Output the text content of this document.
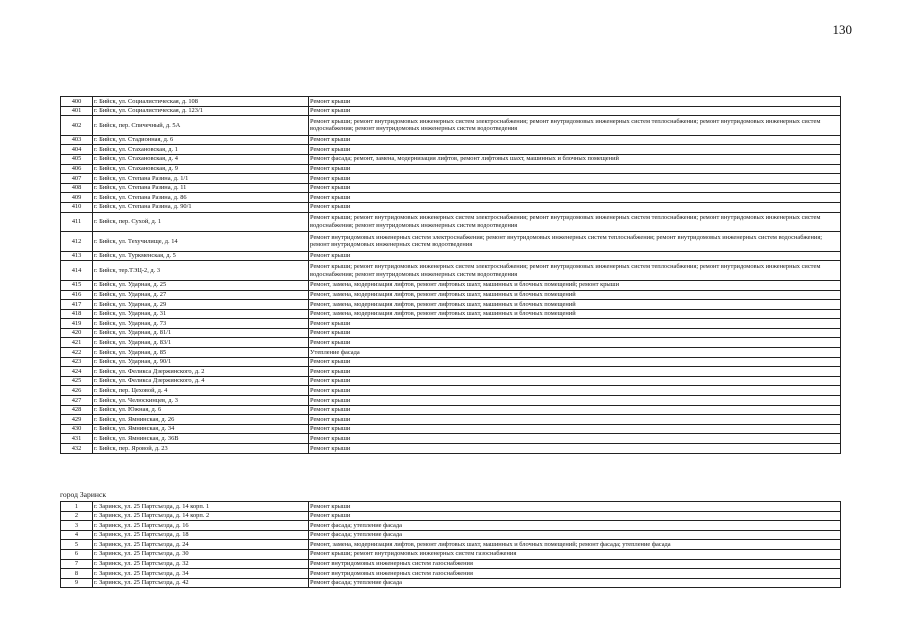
130
400	г. Бийск, ул. Социалистическая, д. 108	Ремонт крыши
401	г. Бийск, ул. Социалистическая, д. 123/1	Ремонт крыши
402	г. Бийск, пер. Спичечный, д. 5А	Ремонт крыши; ремонт внутридомовых инженерных систем электроснабжения; ремонт внутридомовых инженерных систем теплоснабжения; ремонт внутридомовых инженерных систем водоснабжения; ремонт внутридомовых инженерных систем водоотведения
403	г. Бийск, ул. Стадионная, д. 6	Ремонт крыши
404	г. Бийск, ул. Стахановская, д. 1	Ремонт крыши
405	г. Бийск, ул. Стахановская, д. 4	Ремонт фасада; ремонт, замена, модернизация лифтов, ремонт лифтовых шахт, машинных и блочных помещений
406	г. Бийск, ул. Стахановская, д. 9	Ремонт крыши
407	г. Бийск, ул. Степана Разина, д. 1/1	Ремонт крыши
408	г. Бийск, ул. Степана Разина, д. 11	Ремонт крыши
409	г. Бийск, ул. Степана Разина, д. 86	Ремонт крыши
410	г. Бийск, ул. Степана Разина, д. 90/1	Ремонт крыши
411	г. Бийск, пер. Сухой, д. 1	Ремонт крыши; ремонт внутридомовых инженерных систем электроснабжения; ремонт внутридомовых инженерных систем теплоснабжения; ремонт внутридомовых инженерных систем водоснабжения; ремонт внутридомовых инженерных систем водоотведения
412	г. Бийск, ул. Техучилище, д. 14	Ремонт внутридомовых инженерных систем электроснабжения; ремонт внутридомовых инженерных систем теплоснабжения; ремонт внутридомовых инженерных систем водоснабжения; ремонт внутридомовых инженерных систем водоотведения
413	г. Бийск, ул. Туркменская, д. 5	Ремонт крыши
414	г. Бийск, тер.ТЭЦ-2, д. 3	Ремонт крыши; ремонт внутридомовых инженерных систем электроснабжения; ремонт внутридомовых инженерных систем теплоснабжения; ремонт внутридомовых инженерных систем водоснабжения; ремонт внутридомовых инженерных систем водоотведения
415	г. Бийск, ул. Ударная, д. 25	Ремонт, замена, модернизация лифтов, ремонт лифтовых шахт, машинных и блочных помещений; ремонт крыши
416	г. Бийск, ул. Ударная, д. 27	Ремонт, замена, модернизация лифтов, ремонт лифтовых шахт, машинных и блочных помещений
417	г. Бийск, ул. Ударная, д. 29	Ремонт, замена, модернизация лифтов, ремонт лифтовых шахт, машинных и блочных помещений
418	г. Бийск, ул. Ударная, д. 31	Ремонт, замена, модернизация лифтов, ремонт лифтовых шахт, машинных и блочных помещений
419	г. Бийск, ул. Ударная, д. 73	Ремонт крыши
420	г. Бийск, ул. Ударная, д. 81/1	Ремонт крыши
421	г. Бийск, ул. Ударная, д. 83/1	Ремонт крыши
422	г. Бийск, ул. Ударная, д. 85	Утепление фасада
423	г. Бийск, ул. Ударная, д. 90/1	Ремонт крыши
424	г. Бийск, ул. Феликса Дзержинского, д. 2	Ремонт крыши
425	г. Бийск, ул. Феликса Дзержинского, д. 4	Ремонт крыши
426	г. Бийск, пер. Цеховой, д. 4	Ремонт крыши
427	г. Бийск, ул. Челюскинцев, д. 3	Ремонт крыши
428	г. Бийск, ул. Южная, д. 6	Ремонт крыши
429	г. Бийск, ул. Ямнинская, д. 26	Ремонт крыши
430	г. Бийск, ул. Ямнинская, д. 34	Ремонт крыши
431	г. Бийск, ул. Ямнинская, д. 36В	Ремонт крыши
432	г. Бийск, пер. Яровой, д. 23	Ремонт крыши
город Заринск
1	г. Заринск, ул. 25 Партсъезда, д. 14 корп. 1	Ремонт крыши
2	г. Заринск, ул. 25 Партсъезда, д. 14 корп. 2	Ремонт крыши
3	г. Заринск, ул. 25 Партсъезда, д. 16	Ремонт фасада; утепление фасада
4	г. Заринск, ул. 25 Партсъезда, д. 18	Ремонт фасада; утепление фасада
5	г. Заринск, ул. 25 Партсъезда, д. 24	Ремонт, замена, модернизация лифтов, ремонт лифтовых шахт, машинных и блочных помещений; ремонт фасада; утепление фасада
6	г. Заринск, ул. 25 Партсъезда, д. 30	Ремонт крыши; ремонт внутридомовых инженерных систем газоснабжения
7	г. Заринск, ул. 25 Партсъезда, д. 32	Ремонт внутридомовых инженерных систем газоснабжения
8	г. Заринск, ул. 25 Партсъезда, д. 34	Ремонт внутридомовых инженерных систем газоснабжения
9	г. Заринск, ул. 25 Партсъезда, д. 42	Ремонт фасада; утепление фасада
